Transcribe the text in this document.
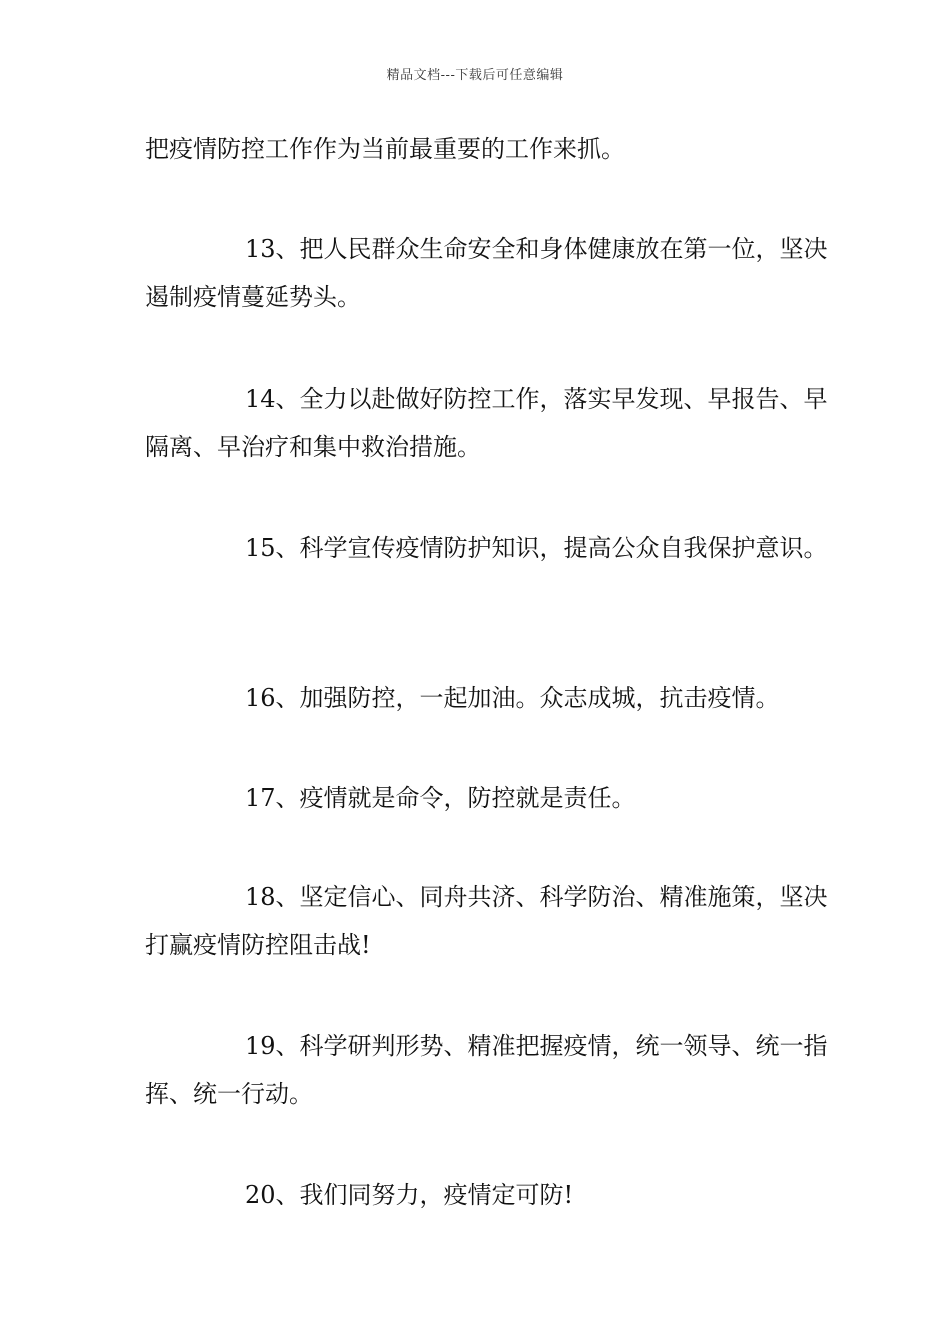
精品文档---下载后可任意编辑

把疫情防控工作作为当前最重要的工作来抓。

13、把人民群众生命安全和身体健康放在第一位，坚决遏制疫情蔓延势头。

14、全力以赴做好防控工作，落实早发现、早报告、早隔离、早治疗和集中救治措施。

15、科学宣传疫情防护知识，提高公众自我保护意识。

16、加强防控，一起加油。众志成城，抗击疫情。

17、疫情就是命令，防控就是责任。

18、坚定信心、同舟共济、科学防治、精准施策，坚决打赢疫情防控阻击战!

19、科学研判形势、精准把握疫情，统一领导、统一指挥、统一行动。

20、我们同努力，疫情定可防!
